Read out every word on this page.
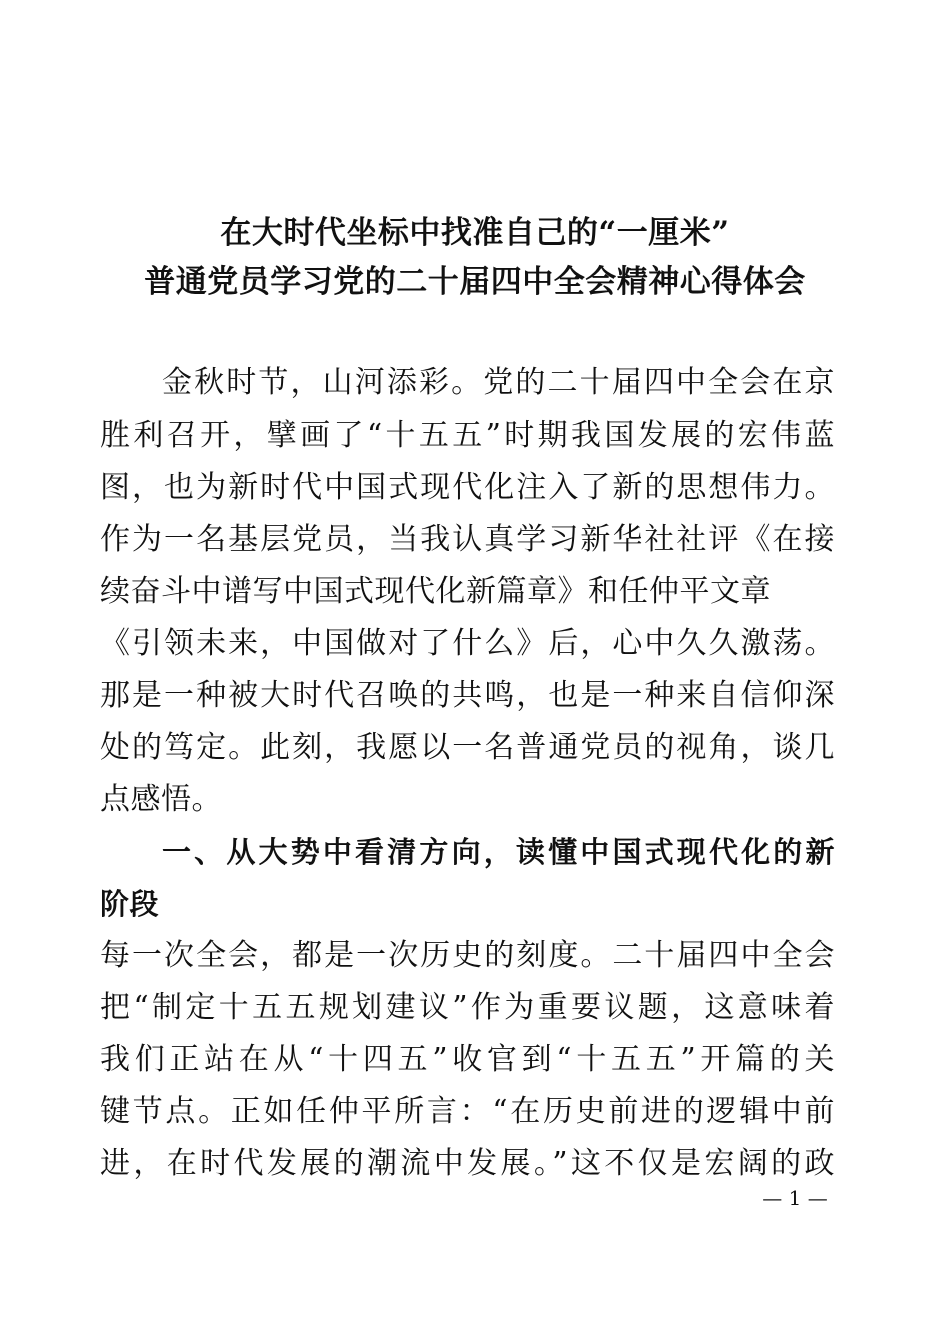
在大时代坐标中找准自己的“一厘米”
普通党员学习党的二十届四中全会精神心得体会
金秋时节，山河添彩。党的二十届四中全会在京
胜利召开，擘画了“十五五”时期我国发展的宏伟蓝
图，也为新时代中国式现代化注入了新的思想伟力。
作为一名基层党员，当我认真学习新华社社评《在接
续奋斗中谱写中国式现代化新篇章》和任仲平文章
《引领未来，中国做对了什么》后，心中久久激荡。
那是一种被大时代召唤的共鸣，也是一种来自信仰深
处的笃定。此刻，我愿以一名普通党员的视角，谈几
点感悟。
一、从大势中看清方向，读懂中国式现代化的新
阶段
每一次全会，都是一次历史的刻度。二十届四中全会
把“制定十五五规划建议”作为重要议题，这意味着
我们正站在从“十四五”收官到“十五五”开篇的关
键节点。正如任仲平所言：“在历史前进的逻辑中前
进，在时代发展的潮流中发展。”这不仅是宏阔的政
— 1 —
